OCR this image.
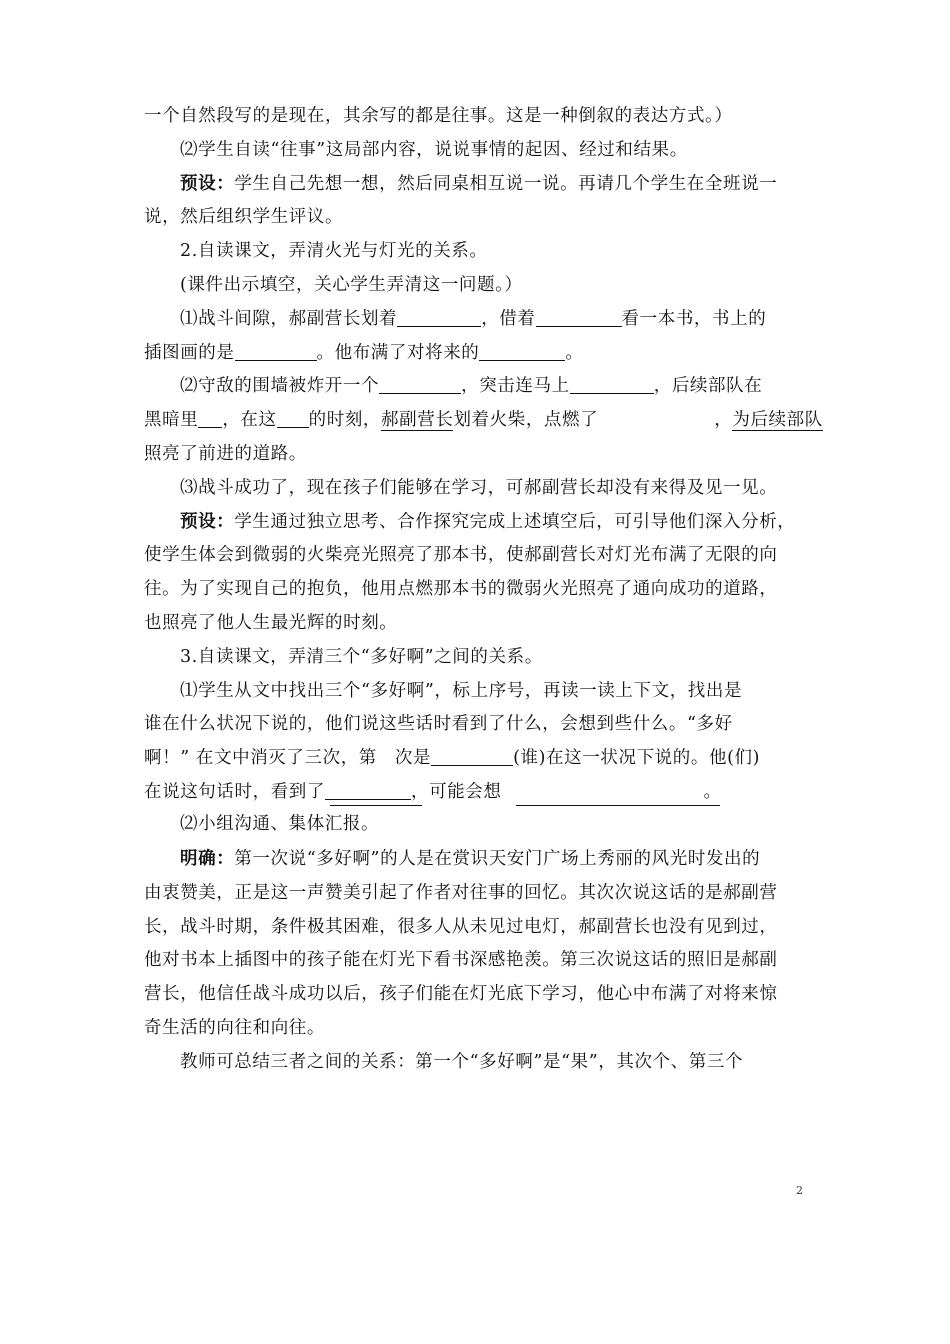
一个自然段写的是现在，其余写的都是往事。这是一种倒叙的表达方式。）
⑵学生自读“往事”这局部内容，说说事情的起因、经过和结果。
预设：学生自己先想一想，然后同桌相互说一说。再请几个学生在全班说一
说，然后组织学生评议。
2.自读课文，弄清火光与灯光的关系。
(课件出示填空，关心学生弄清这一问题。）
⑴战斗间隙，郝副营长划着	，借着	看一本书，书上的
插图画的是	。他布满了对将来的	。
⑵守敌的围墙被炸开一个	，突击连马上	，后续部队在
黑暗里 ，在这 的时刻，郝副营长划着火柴，点燃了	，为后续部队
照亮了前进的道路。
⑶战斗成功了，现在孩子们能够在学习，可郝副营长却没有来得及见一见。
预设：学生通过独立思考、合作探究完成上述填空后，可引导他们深入分析，
使学生体会到微弱的火柴亮光照亮了那本书，使郝副营长对灯光布满了无限的向
往。为了实现自己的抱负，他用点燃那本书的微弱火光照亮了通向成功的道路，
也照亮了他人生最光辉的时刻。
3.自读课文，弄清三个“多好啊”之间的关系。
⑴学生从文中找出三个“多好啊”，标上序号，再读一读上下文，找出是
谁在什么状况下说的，他们说这些话时看到了什么，会想到些什么。“多好
啊！” 在文中消灭了三次，第 次是	(谁)在这一状况下说的。他(们)
在说这句话时，看到了	，可能会想	。
⑵小组沟通、集体汇报。
明确：第一次说“多好啊”的人是在赏识天安门广场上秀丽的风光时发出的
由衷赞美，正是这一声赞美引起了作者对往事的回忆。其次次说这话的是郝副营
长，战斗时期，条件极其困难，很多人从未见过电灯，郝副营长也没有见到过，
他对书本上插图中的孩子能在灯光下看书深感艳羡。第三次说这话的照旧是郝副
营长，他信任战斗成功以后，孩子们能在灯光底下学习，他心中布满了对将来惊
奇生活的向往和向往。
教师可总结三者之间的关系：第一个“多好啊”是“果”，其次个、第三个
2
